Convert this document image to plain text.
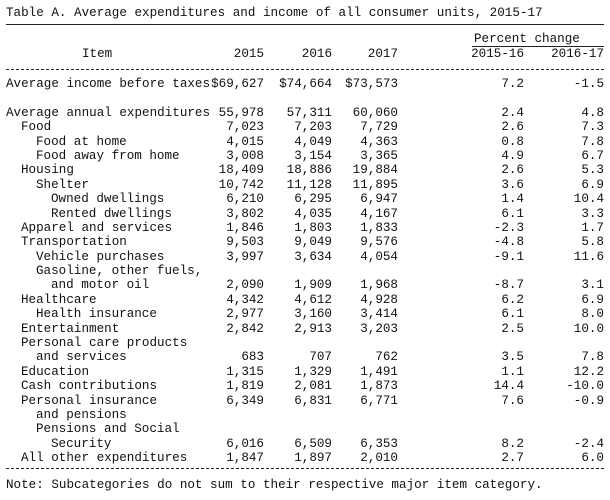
Table A. Average expenditures and income of all consumer units, 2015-17
Percent change
Item	2015	2016	2017	2015-16 2016-17
Average income before taxes $69,627 $74,664 $73,573	7.2	-1.5
Average annual expenditures 55,978 57,311 60,060	2.4	4.8
Food	7,023 7,203 7,729	2.6	7.3
Food at home	4,015 4,049 4,363	0.8	7.8
Food away from home	3,008 3,154 3,365	4.9	6.7
Housing	18,409 18,886 19,884	2.6	5.3
Shelter	10,742 11,128 11,895	3.6	6.9
Owned dwellings	6,210 6,295 6,947	1.4	10.4
Rented dwellings	3,802 4,035 4,167	6.1	3.3
Apparel and services	1,846 1,803 1,833	-2.3	1.7
Transportation	9,503 9,049 9,576	-4.8	5.8
Vehicle purchases	3,997 3,634 4,054	-9.1	11.6
Gasoline, other fuels,
and motor oil	2,090 1,909 1,968	-8.7	3.1
Healthcare	4,342 4,612 4,928	6.2	6.9
Health insurance	2,977 3,160 3,414	6.1	8.0
Entertainment	2,842 2,913 3,203	2.5	10.0
Personal care products
and services	683	707	762	3.5	7.8
Education	1,315 1,329 1,491	1.1	12.2
Cash contributions	1,819 2,081 1,873	14.4	-10.0
Personal insurance	6,349 6,831 6,771	7.6	-0.9
and pensions
Pensions and Social
Security	6,016 6,509 6,353	8.2	-2.4
All other expenditures	1,847 1,897 2,010	2.7	6.0
Note: Subcategories do not sum to their respective major item category.
